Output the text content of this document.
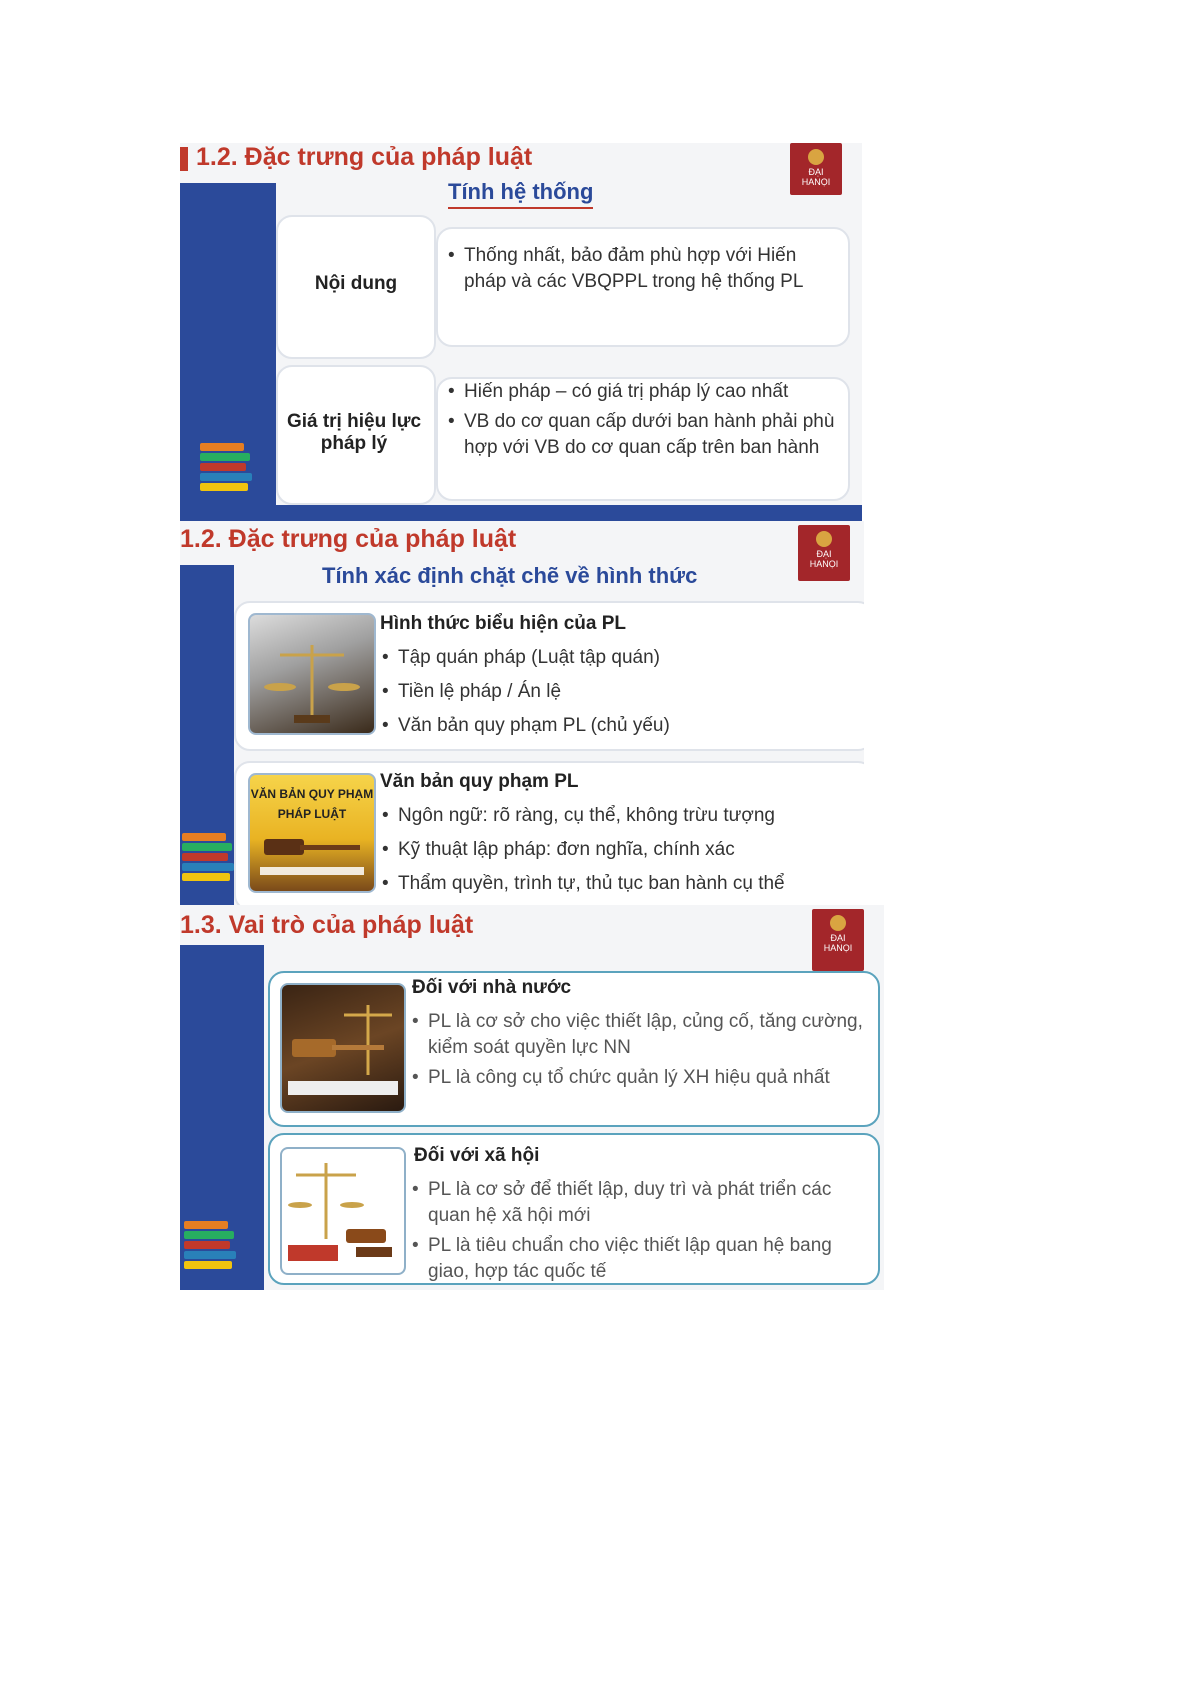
1.2. Đặc trưng của pháp luật
ĐẠI
HANỌI
Tính hệ thống
Nội dung
• Thống nhất, bảo đảm phù hợp với Hiến pháp và các VBQPPL trong hệ thống PL
Giá trị hiệu lực pháp lý
• Hiến pháp – có giá trị pháp lý cao nhất
• VB do cơ quan cấp dưới ban hành phải phù hợp với VB do cơ quan cấp trên ban hành
1.2. Đặc trưng của pháp luật
ĐẠI
HANỌI
Tính xác định chặt chẽ về hình thức
Hình thức biểu hiện của PL
• Tập quán pháp (Luật tập quán)
• Tiền lệ pháp / Án lệ
• Văn bản quy phạm PL (chủ yếu)
VĂN BẢN QUY PHẠM
PHÁP LUẬT
Văn bản quy phạm PL
• Ngôn ngữ: rõ ràng, cụ thể, không trừu tượng
• Kỹ thuật lập pháp: đơn nghĩa, chính xác
• Thẩm quyền, trình tự, thủ tục ban hành cụ thể
1.3. Vai trò của pháp luật	ĐẠI
HANỌI
Đối với nhà nước
• PL là cơ sở cho việc thiết lập, củng cố, tăng cường, kiểm soát quyền lực NN
• PL là công cụ tổ chức quản lý XH hiệu quả nhất
Đối với xã hội
• PL là cơ sở để thiết lập, duy trì và phát triển các quan hệ xã hội mới
• PL là tiêu chuẩn cho việc thiết lập quan hệ bang giao, hợp tác quốc tế
